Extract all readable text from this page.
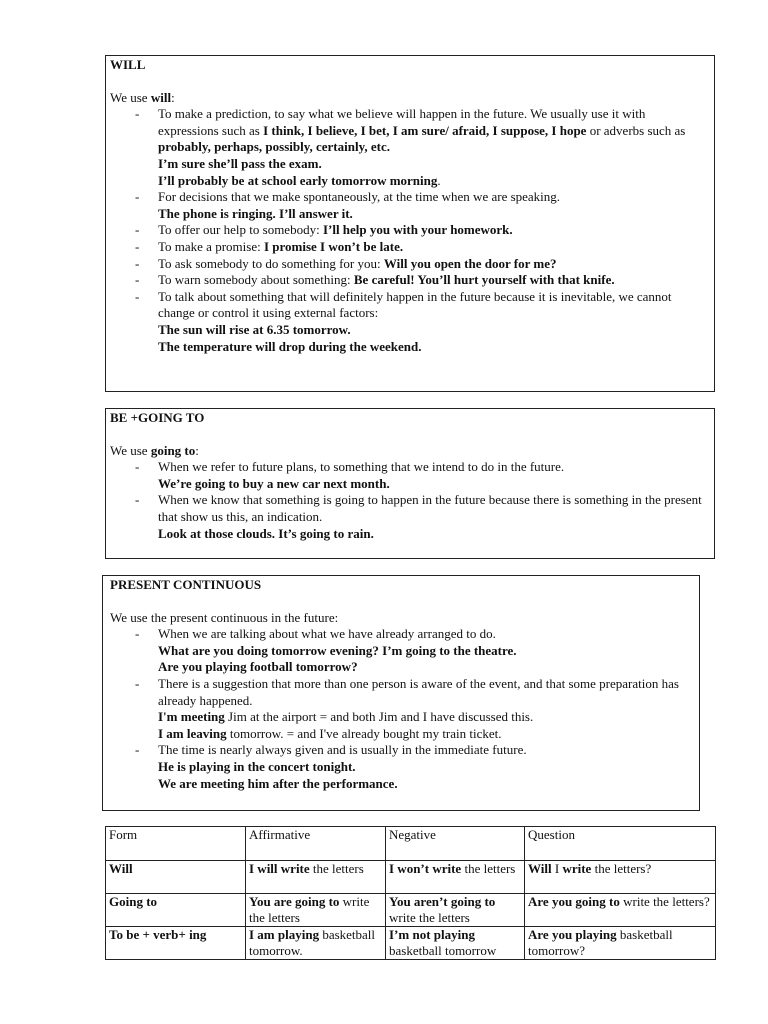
WILL

We use will:

- To make a prediction, to say what we believe will happen in the future. We usually use it with expressions such as I think, I believe, I bet, I am sure/ afraid, I suppose, I hope or adverbs such as probably, perhaps, possibly, certainly, etc.
I’m sure she’ll pass the exam.
I’ll probably be at school early tomorrow morning.
- For decisions that we make spontaneously, at the time when we are speaking.
The phone is ringing. I’ll answer it.
- To offer our help to somebody: I’ll help you with your homework.
- To make a promise: I promise I won’t be late.
- To ask somebody to do something for you: Will you open the door for me?
- To warn somebody about something: Be careful! You’ll hurt yourself with that knife.
- To talk about something that will definitely happen in the future because it is inevitable, we cannot change or control it using external factors:
The sun will rise at 6.35 tomorrow.
The temperature will drop during the weekend.

BE +GOING TO

We use going to:

- When we refer to future plans, to something that we intend to do in the future.
We’re going to buy a new car next month.
- When we know that something is going to happen in the future because there is something in the present that show us this, an indication.
Look at those clouds. It’s going to rain.

PRESENT CONTINUOUS

We use the present continuous in the future:

- When we are talking about what we have already arranged to do.
What are you doing tomorrow evening? I’m going to the theatre.
Are you playing football tomorrow?
- There is a suggestion that more than one person is aware of the event, and that some preparation has already happened.
I'm meeting Jim at the airport = and both Jim and I have discussed this.
I am leaving tomorrow. = and I've already bought my train ticket.
- The time is nearly always given and is usually in the immediate future.
He is playing in the concert tonight.
We are meeting him after the performance.
Form	Affirmative	Negative	Question
Will	I will write the letters	I won’t write the letters	Will I write the letters?
Going to	You are going to write the letters	You aren’t going to write the letters	Are you going to write the letters?
To be + verb+ ing	I am playing basketball tomorrow.	I’m not playing basketball tomorrow	Are you playing basketball tomorrow?
